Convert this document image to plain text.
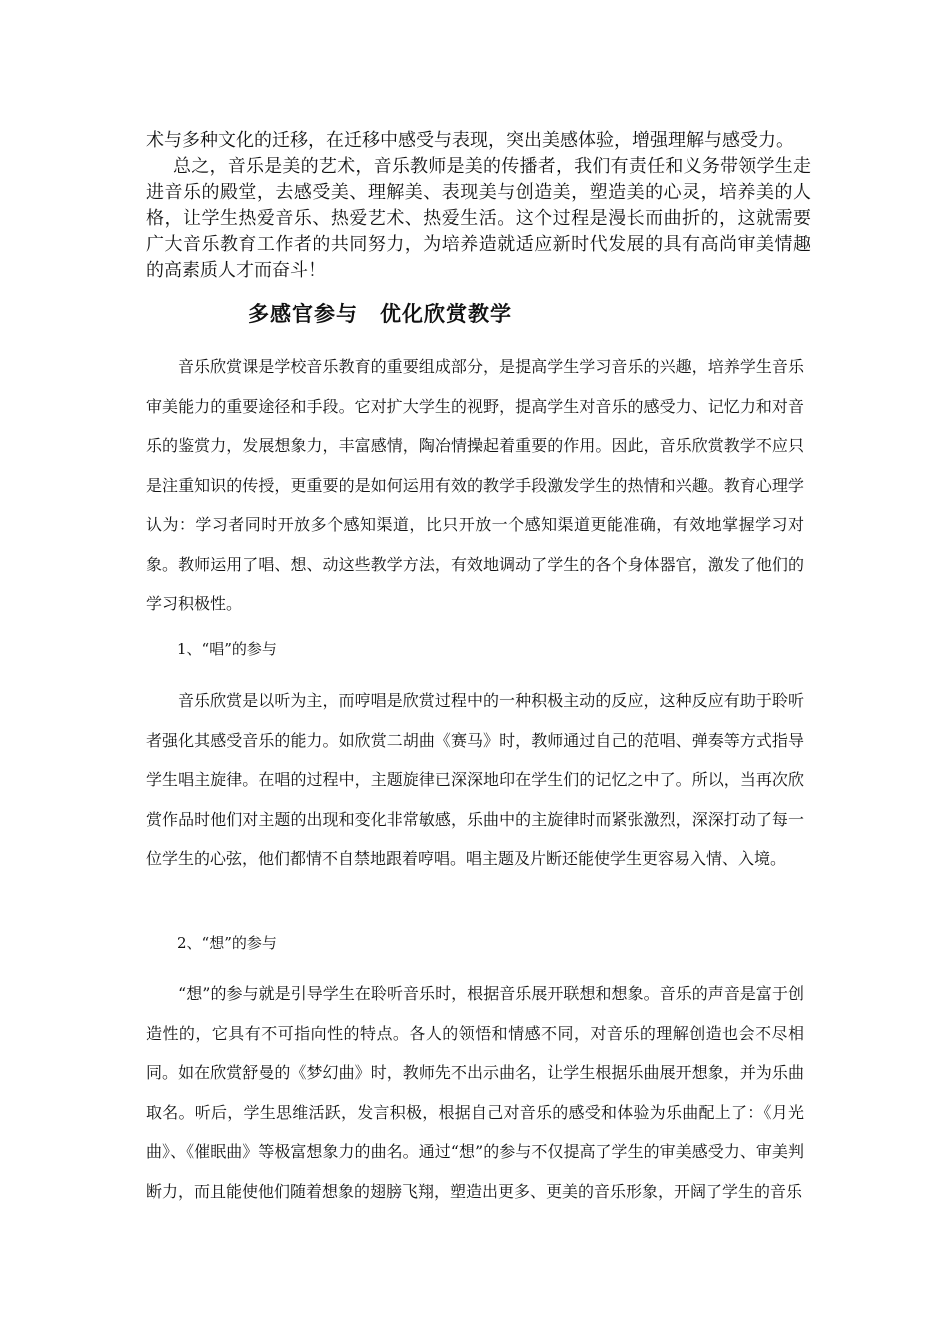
术与多种文化的迁移，在迁移中感受与表现，突出美感体验，增强理解与感受力。

总之，音乐是美的艺术，音乐教师是美的传播者，我们有责任和义务带领学生走进音乐的殿堂，去感受美、理解美、表现美与创造美，塑造美的心灵，培养美的人格，让学生热爱音乐、热爱艺术、热爱生活。这个过程是漫长而曲折的，这就需要广大音乐教育工作者的共同努力，为培养造就适应新时代发展的具有高尚审美情趣的高素质人才而奋斗！

多感官参与　优化欣赏教学

音乐欣赏课是学校音乐教育的重要组成部分，是提高学生学习音乐的兴趣，培养学生音乐审美能力的重要途径和手段。它对扩大学生的视野，提高学生对音乐的感受力、记忆力和对音乐的鉴赏力，发展想象力，丰富感情，陶冶情操起着重要的作用。因此，音乐欣赏教学不应只是注重知识的传授，更重要的是如何运用有效的教学手段激发学生的热情和兴趣。教育心理学认为：学习者同时开放多个感知渠道，比只开放一个感知渠道更能准确，有效地掌握学习对象。教师运用了唱、想、动这些教学方法，有效地调动了学生的各个身体器官，激发了他们的学习积极性。

1、“唱”的参与

音乐欣赏是以听为主，而哼唱是欣赏过程中的一种积极主动的反应，这种反应有助于聆听者强化其感受音乐的能力。如欣赏二胡曲《赛马》时，教师通过自己的范唱、弹奏等方式指导学生唱主旋律。在唱的过程中，主题旋律已深深地印在学生们的记忆之中了。所以，当再次欣赏作品时他们对主题的出现和变化非常敏感，乐曲中的主旋律时而紧张激烈，深深打动了每一位学生的心弦，他们都情不自禁地跟着哼唱。唱主题及片断还能使学生更容易入情、入境。

2、“想”的参与

“想”的参与就是引导学生在聆听音乐时，根据音乐展开联想和想象。音乐的声音是富于创造性的，它具有不可指向性的特点。各人的领悟和情感不同，对音乐的理解创造也会不尽相同。如在欣赏舒曼的《梦幻曲》时，教师先不出示曲名，让学生根据乐曲展开想象，并为乐曲取名。听后，学生思维活跃，发言积极，根据自己对音乐的感受和体验为乐曲配上了：《月光曲》、《催眠曲》等极富想象力的曲名。通过“想”的参与不仅提高了学生的审美感受力、审美判断力，而且能使他们随着想象的翅膀飞翔，塑造出更多、更美的音乐形象，开阔了学生的音乐
